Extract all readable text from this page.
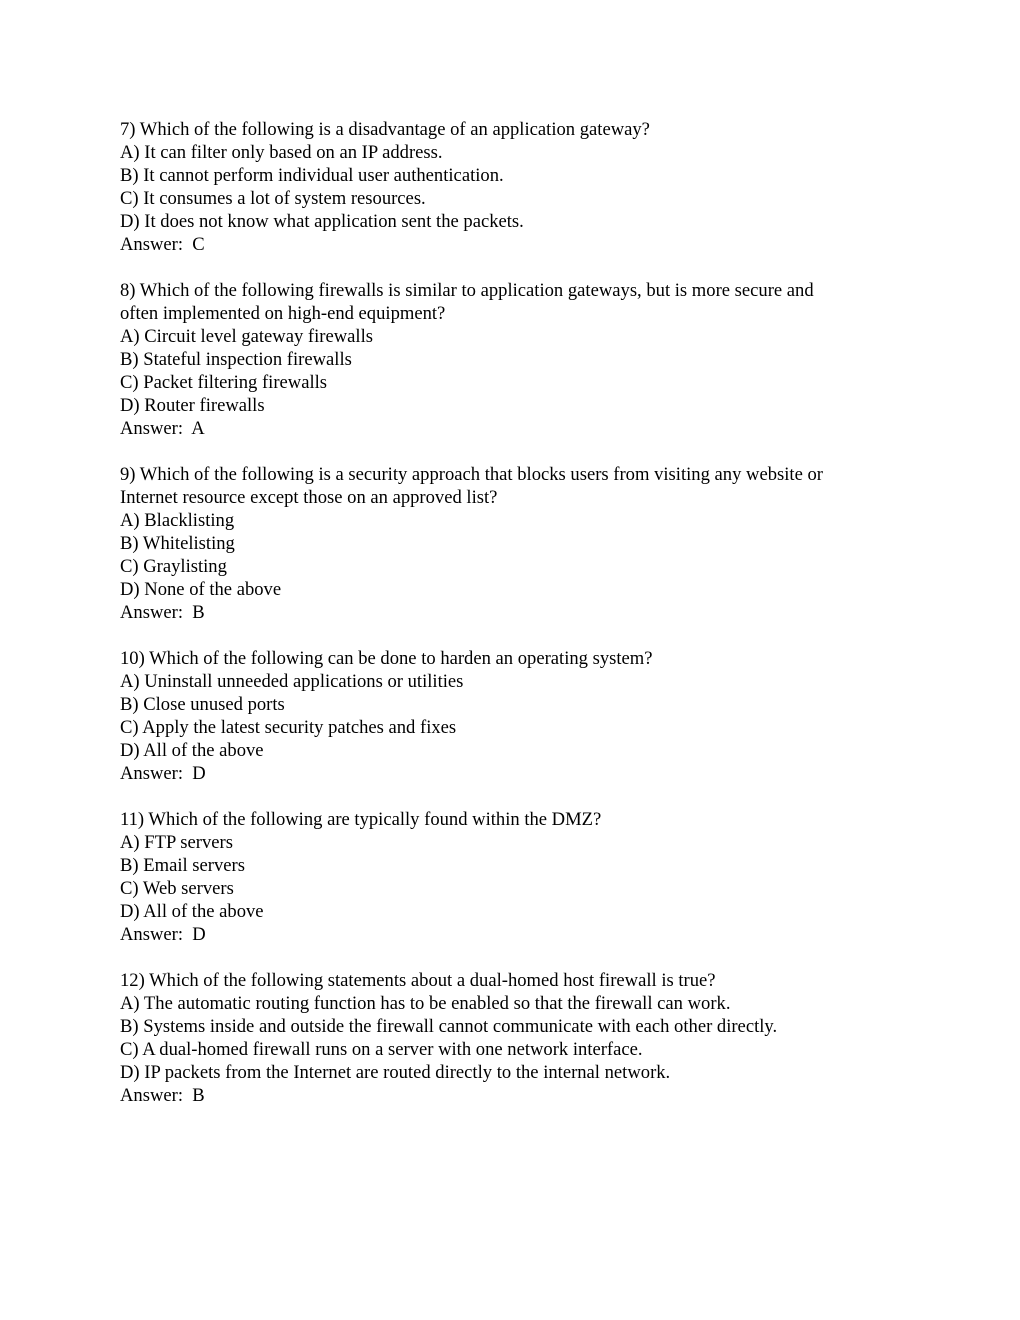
7) Which of the following is a disadvantage of an application gateway?
A) It can filter only based on an IP address.
B) It cannot perform individual user authentication.
C) It consumes a lot of system resources.
D) It does not know what application sent the packets.
Answer:  C
8) Which of the following firewalls is similar to application gateways, but is more secure and
often implemented on high-end equipment?
A) Circuit level gateway firewalls
B) Stateful inspection firewalls
C) Packet filtering firewalls
D) Router firewalls
Answer:  A
9) Which of the following is a security approach that blocks users from visiting any website or
Internet resource except those on an approved list?
A) Blacklisting
B) Whitelisting
C) Graylisting
D) None of the above
Answer:  B
10) Which of the following can be done to harden an operating system?
A) Uninstall unneeded applications or utilities
B) Close unused ports
C) Apply the latest security patches and fixes
D) All of the above
Answer:  D
11) Which of the following are typically found within the DMZ?
A) FTP servers
B) Email servers
C) Web servers
D) All of the above
Answer:  D
12) Which of the following statements about a dual-homed host firewall is true?
A) The automatic routing function has to be enabled so that the firewall can work.
B) Systems inside and outside the firewall cannot communicate with each other directly.
C) A dual-homed firewall runs on a server with one network interface.
D) IP packets from the Internet are routed directly to the internal network.
Answer:  B
